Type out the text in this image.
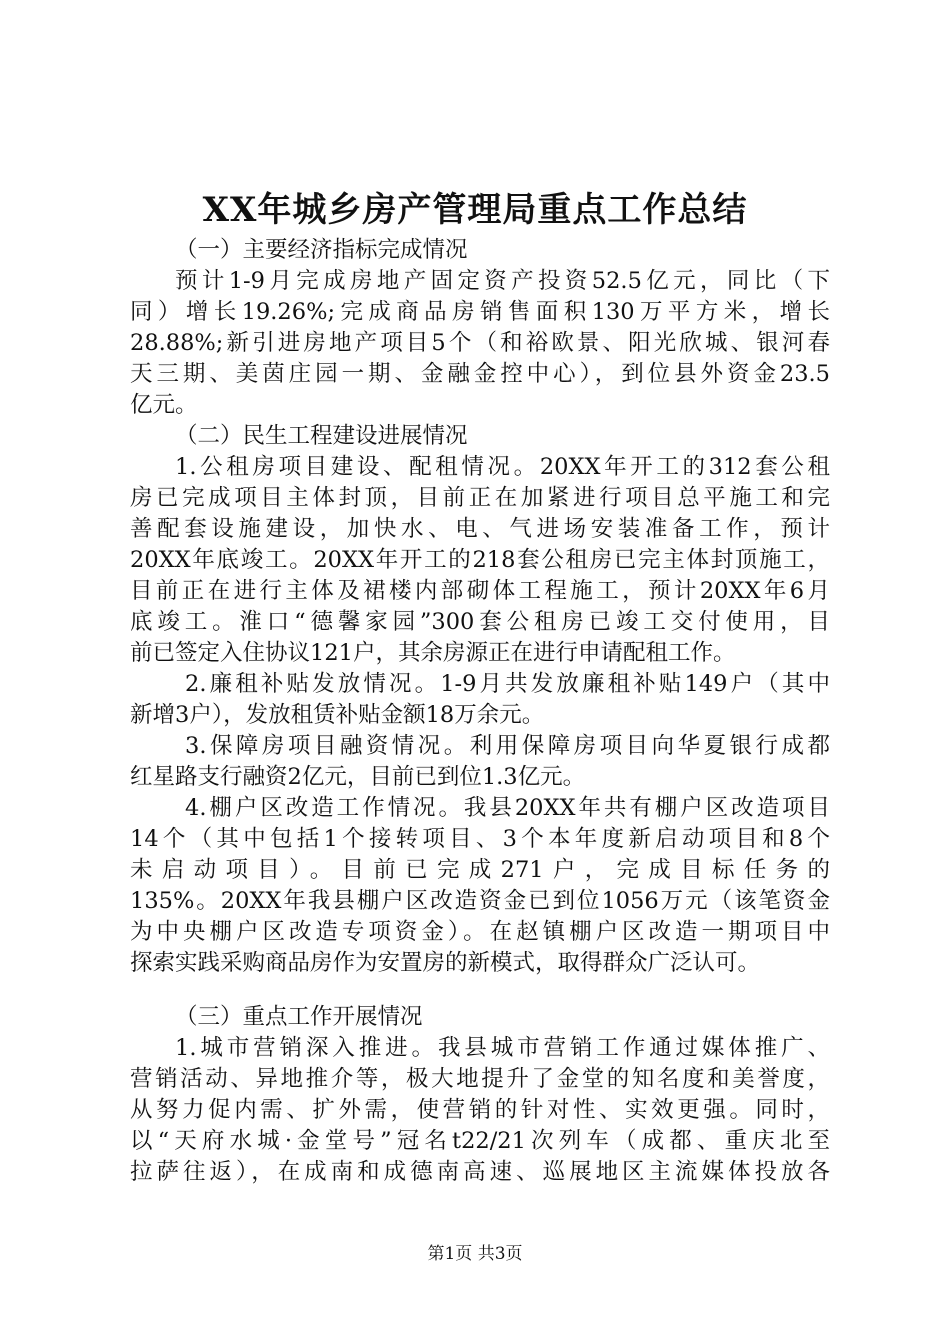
XX年城乡房产管理局重点工作总结
（一）主要经济指标完成情况
预计1-9月完成房地产固定资产投资52.5亿元，同比（下
同）增长19.26%;完成商品房销售面积130万平方米，增长
28.88%;新引进房地产项目5个（和裕欧景、阳光欣城、银河春
天三期、美茵庄园一期、金融金控中心），到位县外资金23.5
亿元。
（二）民生工程建设进展情况
1.公租房项目建设、配租情况。20XX年开工的312套公租
房已完成项目主体封顶，目前正在加紧进行项目总平施工和完
善配套设施建设，加快水、电、气进场安装准备工作，预计
20XX年底竣工。20XX年开工的218套公租房已完主体封顶施工，
目前正在进行主体及裙楼内部砌体工程施工，预计20XX年6月
底竣工。淮口“德馨家园”300套公租房已竣工交付使用，目
前已签定入住协议121户，其余房源正在进行申请配租工作。
2.廉租补贴发放情况。1-9月共发放廉租补贴149户（其中
新增3户），发放租赁补贴金额18万余元。
3.保障房项目融资情况。利用保障房项目向华夏银行成都
红星路支行融资2亿元，目前已到位1.3亿元。
4.棚户区改造工作情况。我县20XX年共有棚户区改造项目
14个（其中包括1个接转项目、3个本年度新启动项目和8个
未启动项目）。目前已完成271户，完成目标任务的
135%。20XX年我县棚户区改造资金已到位1056万元（该笔资金
为中央棚户区改造专项资金）。在赵镇棚户区改造一期项目中
探索实践采购商品房作为安置房的新模式，取得群众广泛认可。
（三）重点工作开展情况
1.城市营销深入推进。我县城市营销工作通过媒体推广、
营销活动、异地推介等，极大地提升了金堂的知名度和美誉度，
从努力促内需、扩外需，使营销的针对性、实效更强。同时，
以“天府水城·金堂号”冠名t22/21次列车（成都、重庆北至
拉萨往返），在成南和成德南高速、巡展地区主流媒体投放各
第1页 共3页
